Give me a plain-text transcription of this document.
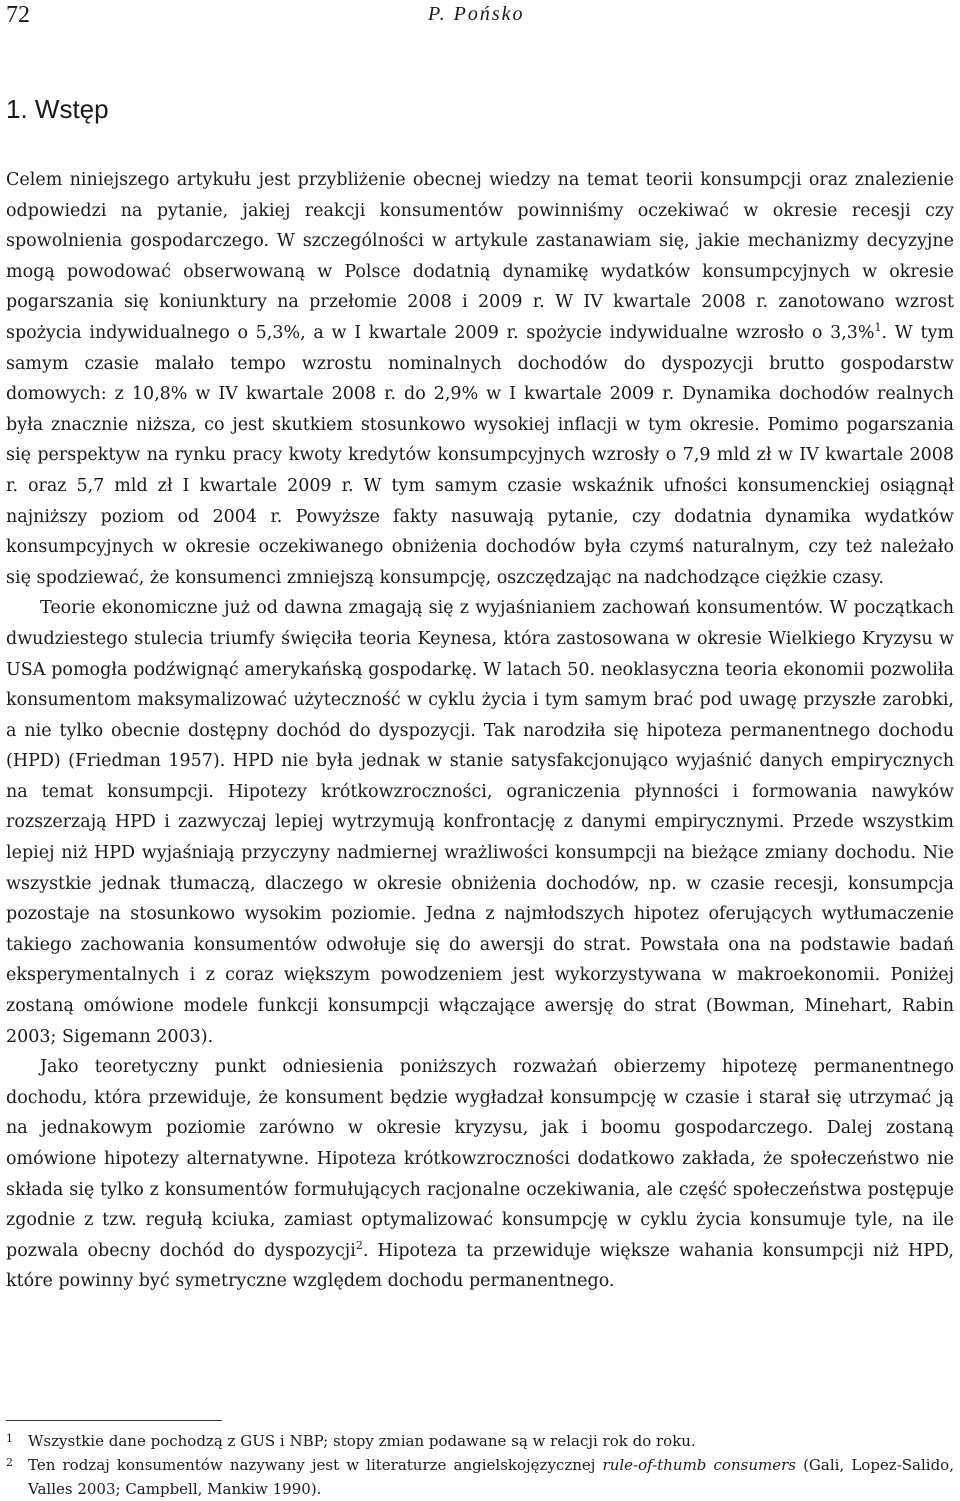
72	P. Pońsko
1. Wstęp

Celem niniejszego artykułu jest przybliżenie obecnej wiedzy na temat teorii konsumpcji oraz znalezienie odpowiedzi na pytanie, jakiej reakcji konsumentów powinniśmy oczekiwać w okresie recesji czy spowolnienia gospodarczego. W szczególności w artykule zastanawiam się, jakie mechanizmy decyzyjne mogą powodować obserwowaną w Polsce dodatnią dynamikę wydatków konsumpcyjnych w okresie pogarszania się koniunktury na przełomie 2008 i 2009 r. W IV kwartale 2008 r. zanotowano wzrost spożycia indywidualnego o 5,3%, a w I kwartale 2009 r. spożycie indywidualne wzrosło o 3,3%$^1$. W tym samym czasie malało tempo wzrostu nominalnych dochodów do dyspozycji brutto gospodarstw domowych: z 10,8% w IV kwartale 2008 r. do 2,9% w I kwartale 2009 r. Dynamika dochodów realnych była znacznie niższa, co jest skutkiem stosunkowo wysokiej inflacji w tym okresie. Pomimo pogarszania się perspektyw na rynku pracy kwoty kredytów konsumpcyjnych wzrosły o 7,9 mld zł w IV kwartale 2008 r. oraz 5,7 mld zł I kwartale 2009 r. W tym samym czasie wskaźnik ufności konsumenckiej osiągnął najniższy poziom od 2004 r. Powyższe fakty nasuwają pytanie, czy dodatnia dynamika wydatków konsumpcyjnych w okresie oczekiwanego obniżenia dochodów była czymś naturalnym, czy też należało się spodziewać, że konsumenci zmniejszą konsumpcję, oszczędzając na nadchodzące ciężkie czasy.

Teorie ekonomiczne już od dawna zmagają się z wyjaśnianiem zachowań konsumentów. W początkach dwudziestego stulecia triumfy święciła teoria Keynesa, która zastosowana w okresie Wielkiego Kryzysu w USA pomogła podźwignąć amerykańską gospodarkę. W latach 50. neoklasyczna teoria ekonomii pozwoliła konsumentom maksymalizować użyteczność w cyklu życia i tym samym brać pod uwagę przyszłe zarobki, a nie tylko obecnie dostępny dochód do dyspozycji. Tak narodziła się hipoteza permanentnego dochodu (HPD) (Friedman 1957). HPD nie była jednak w stanie satysfakcjonująco wyjaśnić danych empirycznych na temat konsumpcji. Hipotezy krótkowzroczności, ograniczenia płynności i formowania nawyków rozszerzają HPD i zazwyczaj lepiej wytrzymują konfrontację z danymi empirycznymi. Przede wszystkim lepiej niż HPD wyjaśniają przyczyny nadmiernej wrażliwości konsumpcji na bieżące zmiany dochodu. Nie wszystkie jednak tłumaczą, dlaczego w okresie obniżenia dochodów, np. w czasie recesji, konsumpcja pozostaje na stosunkowo wysokim poziomie. Jedna z najmłodszych hipotez oferujących wytłumaczenie takiego zachowania konsumentów odwołuje się do awersji do strat. Powstała ona na podstawie badań eksperymentalnych i z coraz większym powodzeniem jest wykorzystywana w makroekonomii. Poniżej zostaną omówione modele funkcji konsumpcji włączające awersję do strat (Bowman, Minehart, Rabin 2003; Sigemann 2003).

Jako teoretyczny punkt odniesienia poniższych rozważań obierzemy hipotezę permanentnego dochodu, która przewiduje, że konsument będzie wygładzał konsumpcję w czasie i starał się utrzymać ją na jednakowym poziomie zarówno w okresie kryzysu, jak i boomu gospodarczego. Dalej zostaną omówione hipotezy alternatywne. Hipoteza krótkowzroczności dodatkowo zakłada, że społeczeństwo nie składa się tylko z konsumentów formułujących racjonalne oczekiwania, ale część społeczeństwa postępuje zgodnie z tzw. regułą kciuka, zamiast optymalizować konsumpcję w cyklu życia konsumuje tyle, na ile pozwala obecny dochód do dyspozycji$^2$. Hipoteza ta przewiduje większe wahania konsumpcji niż HPD, które powinny być symetryczne względem dochodu permanentnego.

1 Wszystkie dane pochodzą z GUS i NBP; stopy zmian podawane są w relacji rok do roku.
2 Ten rodzaj konsumentów nazywany jest w literaturze angielskojęzycznej rule-of-thumb consumers (Gali, Lopez-Salido, Valles 2003; Campbell, Mankiw 1990).
